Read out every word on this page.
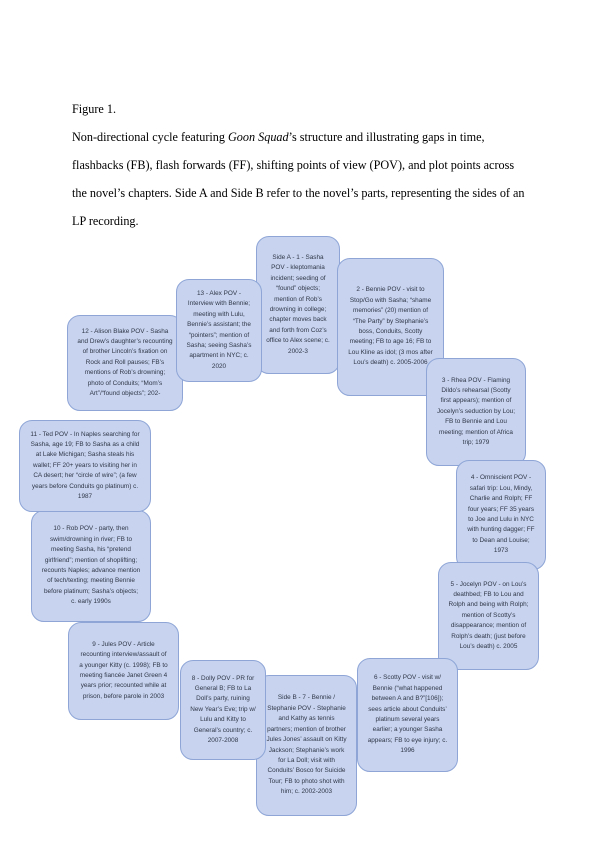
Figure 1.

Non-directional cycle featuring Goon Squad’s structure and illustrating gaps in time, flashbacks (FB), flash forwards (FF), shifting points of view (POV), and plot points across the novel’s chapters. Side A and Side B refer to the novel’s parts, representing the sides of an LP recording.

Side A - 1 - Sasha POV - kleptomania incident; seeding of “found” objects; mention of Rob’s drowning in college; chapter moves back and forth from Coz’s office to Alex scene; c. 2002-3
2 - Bennie POV - visit to Stop/Go with Sasha; “shame memories” (20) mention of “The Party” by Stephanie’s boss, Conduits, Scotty meeting; FB to age 16; FB to Lou Kline as idol; (3 mos after Lou’s death) c. 2005-2006
3 - Rhea POV - Flaming Dildo’s rehearsal (Scotty first appears); mention of Jocelyn’s seduction by Lou; FB to Bennie and Lou meeting; mention of Africa trip; 1979
4 - Omniscient POV - safari trip: Lou, Mindy, Charlie and Rolph; FF four years; FF 35 years to Joe and Lulu in NYC with hunting dagger; FF to Dean and Louise; 1973
5 - Jocelyn POV - on Lou’s deathbed; FB to Lou and Rolph and being with Rolph; mention of Scotty’s disappearance; mention of Rolph’s death; (just before Lou’s death) c. 2005
6 - Scotty POV - visit w/ Bennie (“what happened between A and B?”[106]); sees article about Conduits’ platinum several years earlier; a younger Sasha appears; FB to eye injury; c. 1996
Side B - 7 - Bennie / Stephanie POV - Stephanie and Kathy as tennis partners; mention of brother Jules Jones’ assault on Kitty Jackson; Stephanie’s work for La Doll; visit with Conduits’ Bosco for Suicide Tour; FB to photo shot with him; c. 2002-2003
8 - Dolly POV - PR for General B; FB to La Doll’s party, ruining New Year’s Eve; trip w/ Lulu and Kitty to General’s country; c. 2007-2008
9 - Jules POV - Article recounting interview/assault of a younger Kitty (c. 1998); FB to meeting fiancée Janet Green 4 years prior; recounted while at prison, before parole in 2003
10 - Rob POV - party, then swim/drowning in river; FB to meeting Sasha, his “pretend girlfriend”; mention of shoplifting; recounts Naples; advance mention of tech/texting; meeting Bennie before platinum; Sasha’s objects; c. early 1990s
11 - Ted POV - In Naples searching for Sasha, age 19; FB to Sasha as a child at Lake Michigan; Sasha steals his wallet; FF 20+ years to visiting her in CA desert; her “circle of wire”; (a few years before Conduits go platinum) c. 1987
12 - Alison Blake POV - Sasha and Drew’s daughter’s recounting of brother Lincoln’s fixation on Rock and Roll pauses; FB’s mentions of Rob’s drowning; photo of Conduits; “Mom’s Art”/“found objects”; 202-
13 - Alex POV - Interview with Bennie; meeting with Lulu, Bennie’s assistant; the “pointers”; mention of Sasha; seeing Sasha’s apartment in NYC; c. 2020
